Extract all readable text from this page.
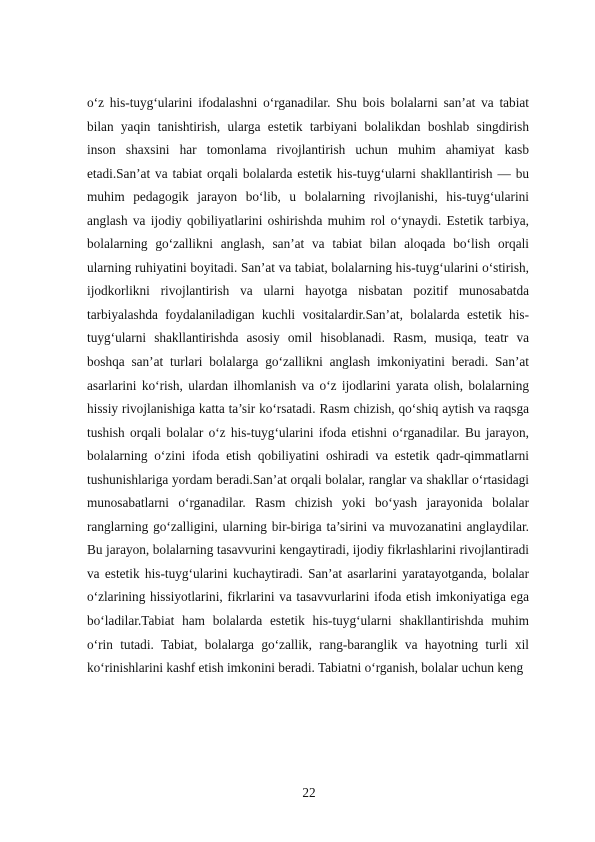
o‘z his-tuyg‘ularini ifodalashni o‘rganadilar. Shu bois bolalarni san’at va tabiat bilan yaqin tanishtirish, ularga estetik tarbiyani bolalikdan boshlab singdirish inson shaxsini har tomonlama rivojlantirish uchun muhim ahamiyat kasb etadi.San’at va tabiat orqali bolalarda estetik his-tuyg‘ularni shakllantirish — bu muhim pedagogik jarayon bo‘lib, u bolalarning rivojlanishi, his-tuyg‘ularini anglash va ijodiy qobiliyatlarini oshirishda muhim rol o‘ynaydi. Estetik tarbiya, bolalarning go‘zallikni anglash, san’at va tabiat bilan aloqada bo‘lish orqali ularning ruhiyatini boyitadi. San’at va tabiat, bolalarning his-tuyg‘ularini o‘stirish, ijodkorlikni rivojlantirish va ularni hayotga nisbatan pozitif munosabatda tarbiyalashda foydalaniladigan kuchli vositalardir.San’at, bolalarda estetik his-tuyg‘ularni shakllantirishda asosiy omil hisoblanadi. Rasm, musiqa, teatr va boshqa san’at turlari bolalarga go‘zallikni anglash imkoniyatini beradi. San’at asarlarini ko‘rish, ulardan ilhomlanish va o‘z ijodlarini yarata olish, bolalarning hissiy rivojlanishiga katta ta’sir ko‘rsatadi. Rasm chizish, qo‘shiq aytish va raqsga tushish orqali bolalar o‘z his-tuyg‘ularini ifoda etishni o‘rganadilar. Bu jarayon, bolalarning o‘zini ifoda etish qobiliyatini oshiradi va estetik qadr-qimmatlarni tushunishlariga yordam beradi.San’at orqali bolalar, ranglar va shakllar o‘rtasidagi munosabatlarni o‘rganadilar. Rasm chizish yoki bo‘yash jarayonida bolalar ranglarning go‘zalligini, ularning bir-biriga ta’sirini va muvozanatini anglaydilar. Bu jarayon, bolalarning tasavvurini kengaytiradi, ijodiy fikrlashlarini rivojlantiradi va estetik his-tuyg‘ularini kuchaytiradi. San’at asarlarini yaratayotganda, bolalar o‘zlarining hissiyotlarini, fikrlarini va tasavvurlarini ifoda etish imkoniyatiga ega bo‘ladilar.Tabiat ham bolalarda estetik his-tuyg‘ularni shakllantirishda muhim o‘rin tutadi. Tabiat, bolalarga go‘zallik, rang-baranglik va hayotning turli xil ko‘rinishlarini kashf etish imkonini beradi. Tabiatni o‘rganish, bolalar uchun keng

22
